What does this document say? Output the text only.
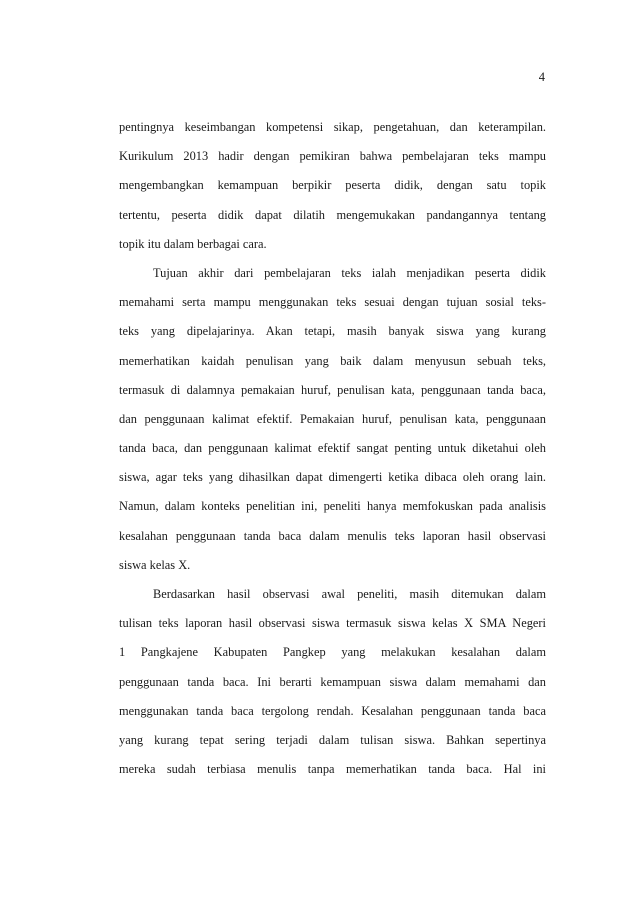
4
pentingnya keseimbangan kompetensi sikap, pengetahuan, dan keterampilan.
Kurikulum 2013 hadir dengan pemikiran bahwa pembelajaran teks mampu
mengembangkan kemampuan berpikir peserta didik, dengan satu topik
tertentu, peserta didik dapat dilatih mengemukakan pandangannya tentang
topik itu dalam berbagai cara.
Tujuan akhir dari pembelajaran teks ialah menjadikan peserta didik
memahami serta mampu menggunakan teks sesuai dengan tujuan sosial teks-
teks yang dipelajarinya. Akan tetapi, masih banyak siswa yang kurang
memerhatikan kaidah penulisan yang baik dalam menyusun sebuah teks,
termasuk di dalamnya pemakaian huruf, penulisan kata, penggunaan tanda baca,
dan penggunaan kalimat efektif. Pemakaian huruf, penulisan kata, penggunaan
tanda baca, dan penggunaan kalimat efektif sangat penting untuk diketahui oleh
siswa, agar teks yang dihasilkan dapat dimengerti ketika dibaca oleh orang lain.
Namun, dalam konteks penelitian ini, peneliti hanya memfokuskan pada analisis
kesalahan penggunaan tanda baca dalam menulis teks laporan hasil observasi
siswa kelas X.
Berdasarkan hasil observasi awal peneliti, masih ditemukan dalam
tulisan teks laporan hasil observasi siswa termasuk siswa kelas X SMA Negeri
1 Pangkajene Kabupaten Pangkep yang melakukan kesalahan dalam
penggunaan tanda baca. Ini berarti kemampuan siswa dalam memahami dan
menggunakan tanda baca tergolong rendah. Kesalahan penggunaan tanda baca
yang kurang tepat sering terjadi dalam tulisan siswa. Bahkan sepertinya
mereka sudah terbiasa menulis tanpa memerhatikan tanda baca. Hal ini
